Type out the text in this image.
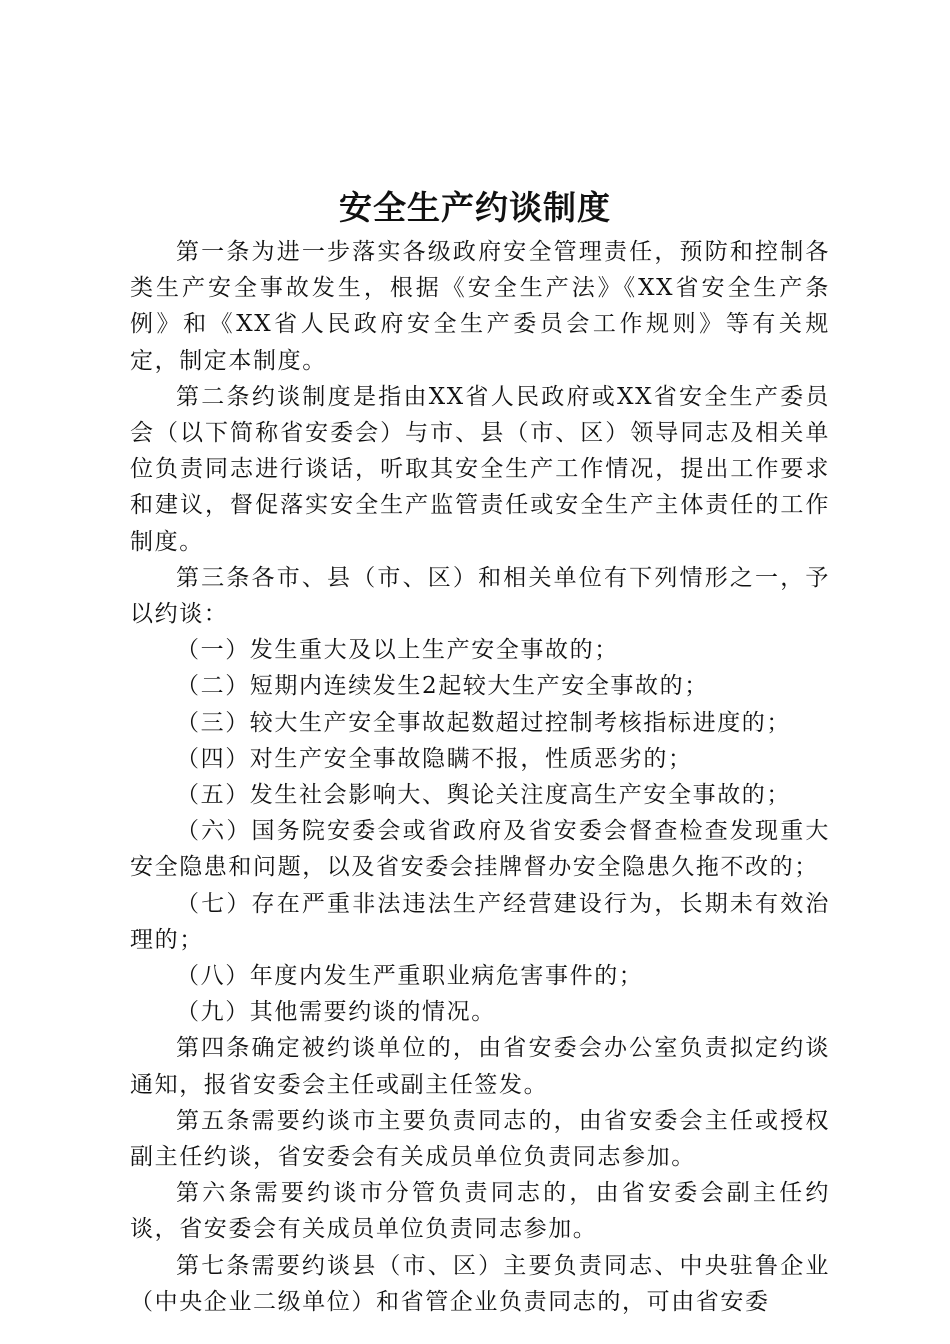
安全生产约谈制度

第一条为进一步落实各级政府安全管理责任，预防和控制各类生产安全事故发生，根据《安全生产法》《XX省安全生产条例》和《XX省人民政府安全生产委员会工作规则》等有关规定，制定本制度。

第二条约谈制度是指由XX省人民政府或XX省安全生产委员会（以下简称省安委会）与市、县（市、区）领导同志及相关单位负责同志进行谈话，听取其安全生产工作情况，提出工作要求和建议，督促落实安全生产监管责任或安全生产主体责任的工作制度。

第三条各市、县（市、区）和相关单位有下列情形之一，予以约谈：

（一）发生重大及以上生产安全事故的；

（二）短期内连续发生2起较大生产安全事故的；

（三）较大生产安全事故起数超过控制考核指标进度的；

（四）对生产安全事故隐瞒不报，性质恶劣的；

（五）发生社会影响大、舆论关注度高生产安全事故的；

（六）国务院安委会或省政府及省安委会督查检查发现重大安全隐患和问题，以及省安委会挂牌督办安全隐患久拖不改的；

（七）存在严重非法违法生产经营建设行为，长期未有效治理的；

（八）年度内发生严重职业病危害事件的；

（九）其他需要约谈的情况。

第四条确定被约谈单位的，由省安委会办公室负责拟定约谈通知，报省安委会主任或副主任签发。

第五条需要约谈市主要负责同志的，由省安委会主任或授权副主任约谈，省安委会有关成员单位负责同志参加。

第六条需要约谈市分管负责同志的，由省安委会副主任约谈，省安委会有关成员单位负责同志参加。

第七条需要约谈县（市、区）主要负责同志、中央驻鲁企业（中央企业二级单位）和省管企业负责同志的，可由省安委
